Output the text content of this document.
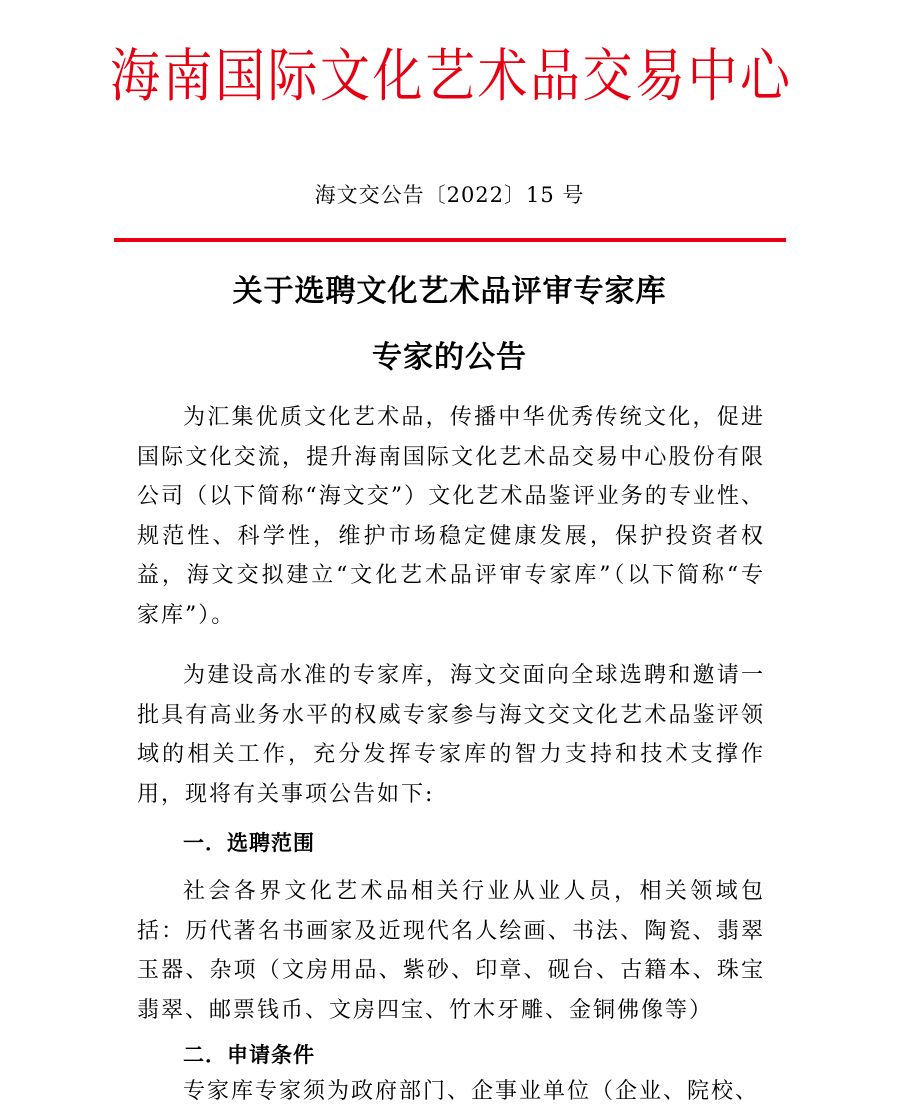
海 南 国 际 文 化 艺 术 品 交 易 中 心
海文交公告〔2022〕15 号
关于选聘文化艺术品评审专家库
专家的公告

为汇集优质文化艺术品，传播中华优秀传统文化，促进国际文化交流，提升海南国际文化艺术品交易中心股份有限公司（以下简称“海文交”）文化艺术品鉴评业务的专业性、规范性、科学性，维护市场稳定健康发展，保护投资者权益，海文交拟建立“文化艺术品评审专家库”（以下简称“专家库”）。

为建设高水准的专家库，海文交面向全球选聘和邀请一批具有高业务水平的权威专家参与海文交文化艺术品鉴评领域的相关工作，充分发挥专家库的智力支持和技术支撑作用，现将有关事项公告如下:

一．选聘范围

社会各界文化艺术品相关行业从业人员，相关领域包括：历代著名书画家及近现代名人绘画、书法、陶瓷、翡翠玉器、杂项（文房用品、紫砂、印章、砚台、古籍本、珠宝翡翠、邮票钱币、文房四宝、竹木牙雕、金铜佛像等）

二．申请条件

专家库专家须为政府部门、企事业单位（企业、院校、
